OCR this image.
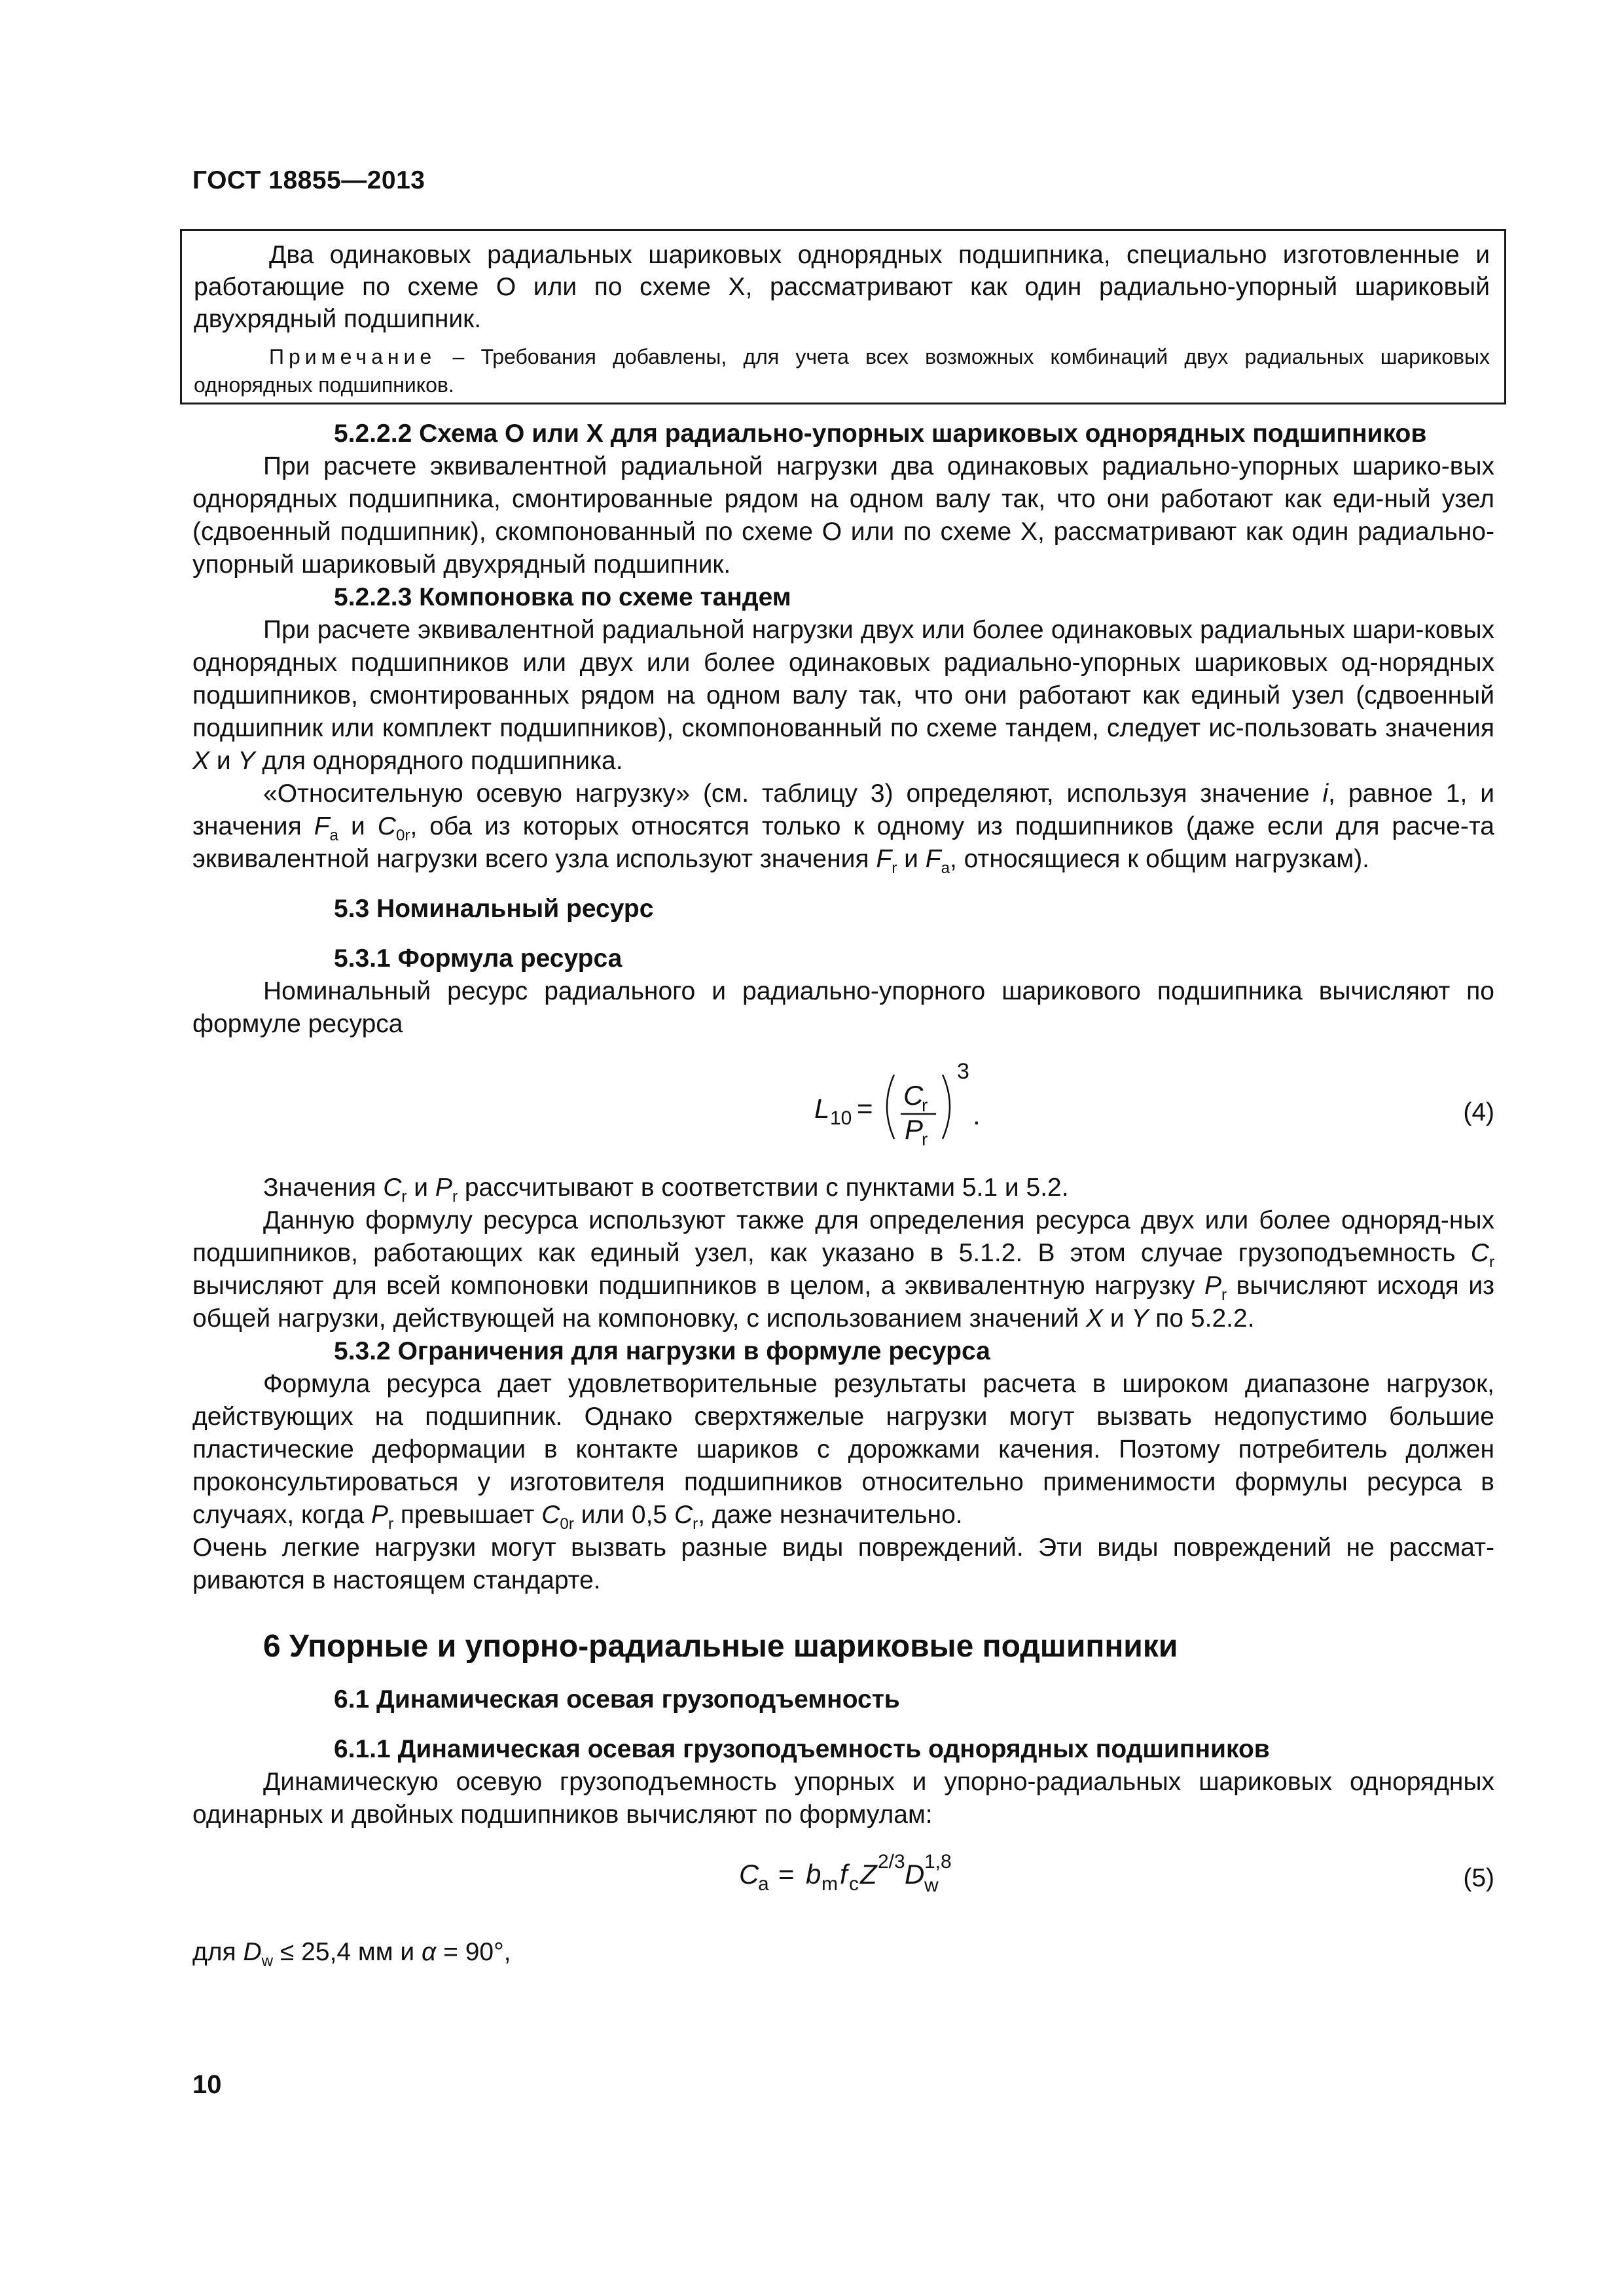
ГОСТ 18855—2013

Два одинаковых радиальных шариковых однорядных подшипника, специально изготовленные и работающие по схеме О или по схеме X, рассматривают как один радиально-упорный шариковый двухрядный подшипник.

Примечание – Требования добавлены, для учета всех возможных комбинаций двух радиальных шариковых однорядных подшипников.

5.2.2.2 Схема О или X для радиально-упорных шариковых однорядных подшипников

При расчете эквивалентной радиальной нагрузки два одинаковых радиально-упорных шарико-вых однорядных подшипника, смонтированные рядом на одном валу так, что они работают как еди-ный узел (сдвоенный подшипник), скомпонованный по схеме О или по схеме X, рассматривают как один радиально-упорный шариковый двухрядный подшипник.

5.2.2.3 Компоновка по схеме тандем

При расчете эквивалентной радиальной нагрузки двух или более одинаковых радиальных шари-ковых однорядных подшипников или двух или более одинаковых радиально-упорных шариковых од-норядных подшипников, смонтированных рядом на одном валу так, что они работают как единый узел (сдвоенный подшипник или комплект подшипников), скомпонованный по схеме тандем, следует ис-пользовать значения X и Y для однорядного подшипника.

«Относительную осевую нагрузку» (см. таблицу 3) определяют, используя значение i, равное 1, и значения $F_a$ и $C_{0r}$, оба из которых относятся только к одному из подшипников (даже если для расче-та эквивалентной нагрузки всего узла используют значения $F_r$ и $F_a$, относящиеся к общим нагрузкам).

5.3 Номинальный ресурс

5.3.1 Формула ресурса

Номинальный ресурс радиального и радиально-упорного шарикового подшипника вычисляют по формуле ресурса

L 10 = C
r
P
r
3
.	(4)

Значения $C_r$ и $P_r$ рассчитывают в соответствии с пунктами 5.1 и 5.2.

Данную формулу ресурса используют также для определения ресурса двух или более однoряд-ных подшипников, работающих как единый узел, как указано в 5.1.2. В этом случае грузоподъемность $C_r$ вычисляют для всей компоновки подшипников в целом, а эквивалентную нагрузку $P_r$ вычисляют исходя из общей нагрузки, действующей на компоновку, с использованием значений X и Y по 5.2.2.

5.3.2 Ограничения для нагрузки в формуле ресурса

Формула ресурса дает удовлетворительные результаты расчета в широком диапазоне нагрузок, действующих на подшипник. Однако сверхтяжелые нагрузки могут вызвать недопустимо большие пластические деформации в контакте шариков с дорожками качения. Поэтому потребитель должен проконсультироваться у изготовителя подшипников относительно применимости формулы ресурса в случаях, когда $P_r$ превышает $C_{0r}$ или 0,5 $C_r$, даже незначительно.

Очень легкие нагрузки могут вызвать разные виды повреждений. Эти виды повреждений не рассмат-риваются в настоящем стандарте.

6 Упорные и упорно-радиальные шариковые подшипники

6.1 Динамическая осевая грузоподъемность

6.1.1 Динамическая осевая грузоподъемность однорядных подшипников

Динамическую осевую грузоподъемность упорных и упорно-радиальных шариковых однорядных одинарных и двойных подшипников вычисляют по формулам:

C
a = b m f c Z 2/3 D 1,8
w	(5)

для $D_w \le 25,4$ мм и α = 90°,

10
